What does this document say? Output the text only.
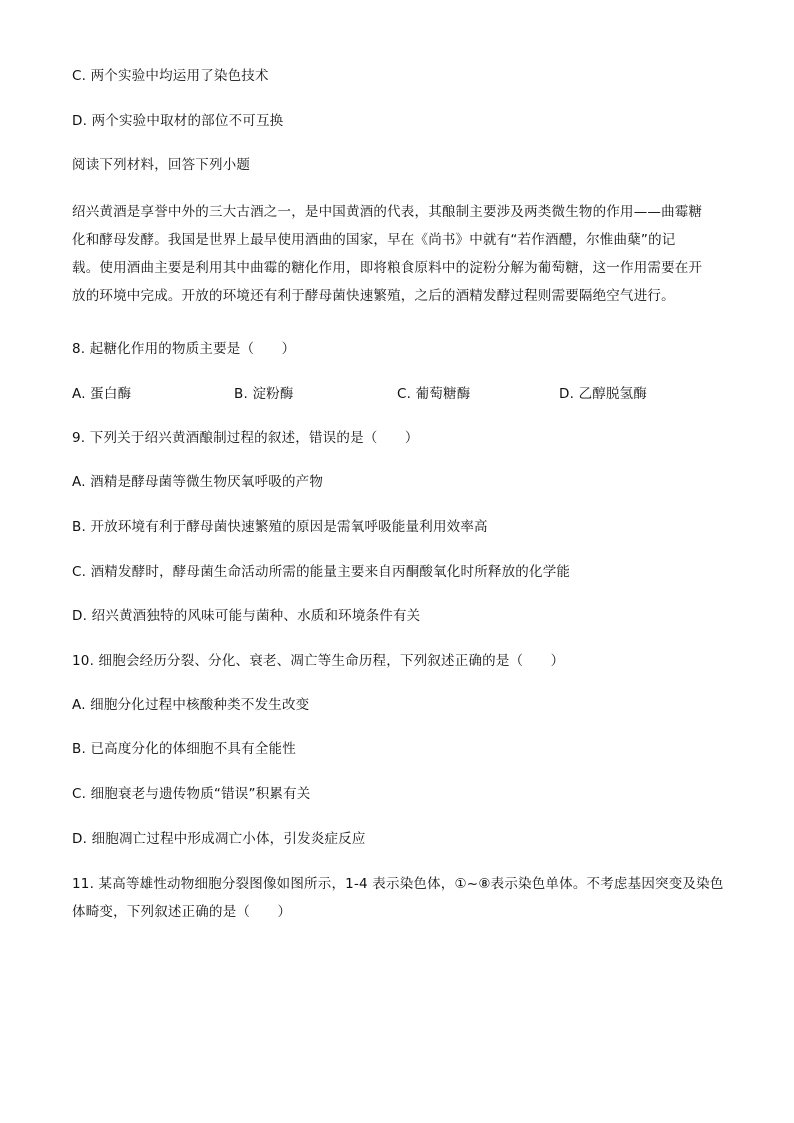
C. 两个实验中均运用了染色技术
D. 两个实验中取材的部位不可互换
阅读下列材料，回答下列小题
绍兴黄酒是享誉中外的三大古酒之一，是中国黄酒的代表，其酿制主要涉及两类微生物的作用——曲霉糖
化和酵母发酵。我国是世界上最早使用酒曲的国家，早在《尚书》中就有“若作酒醴，尔惟曲蘖”的记
载。使用酒曲主要是利用其中曲霉的糖化作用，即将粮食原料中的淀粉分解为葡萄糖，这一作用需要在开
放的环境中完成。开放的环境还有利于酵母菌快速繁殖，之后的酒精发酵过程则需要隔绝空气进行。
8. 起糖化作用的物质主要是（　　）
A. 蛋白酶	B. 淀粉酶	C. 葡萄糖酶	D. 乙醇脱氢酶
9. 下列关于绍兴黄酒酿制过程的叙述，错误的是（　　）
A. 酒精是酵母菌等微生物厌氧呼吸的产物
B. 开放环境有利于酵母菌快速繁殖的原因是需氧呼吸能量利用效率高
C. 酒精发酵时，酵母菌生命活动所需的能量主要来自丙酮酸氧化时所释放的化学能
D. 绍兴黄酒独特的风味可能与菌种、水质和环境条件有关
10. 细胞会经历分裂、分化、衰老、凋亡等生命历程，下列叙述正确的是（　　）
A. 细胞分化过程中核酸种类不发生改变
B. 已高度分化的体细胞不具有全能性
C. 细胞衰老与遗传物质“错误”积累有关
D. 细胞凋亡过程中形成凋亡小体，引发炎症反应
11. 某高等雄性动物细胞分裂图像如图所示，1-4 表示染色体，①~⑧表示染色单体。不考虑基因突变及染色
体畸变，下列叙述正确的是（　　）
